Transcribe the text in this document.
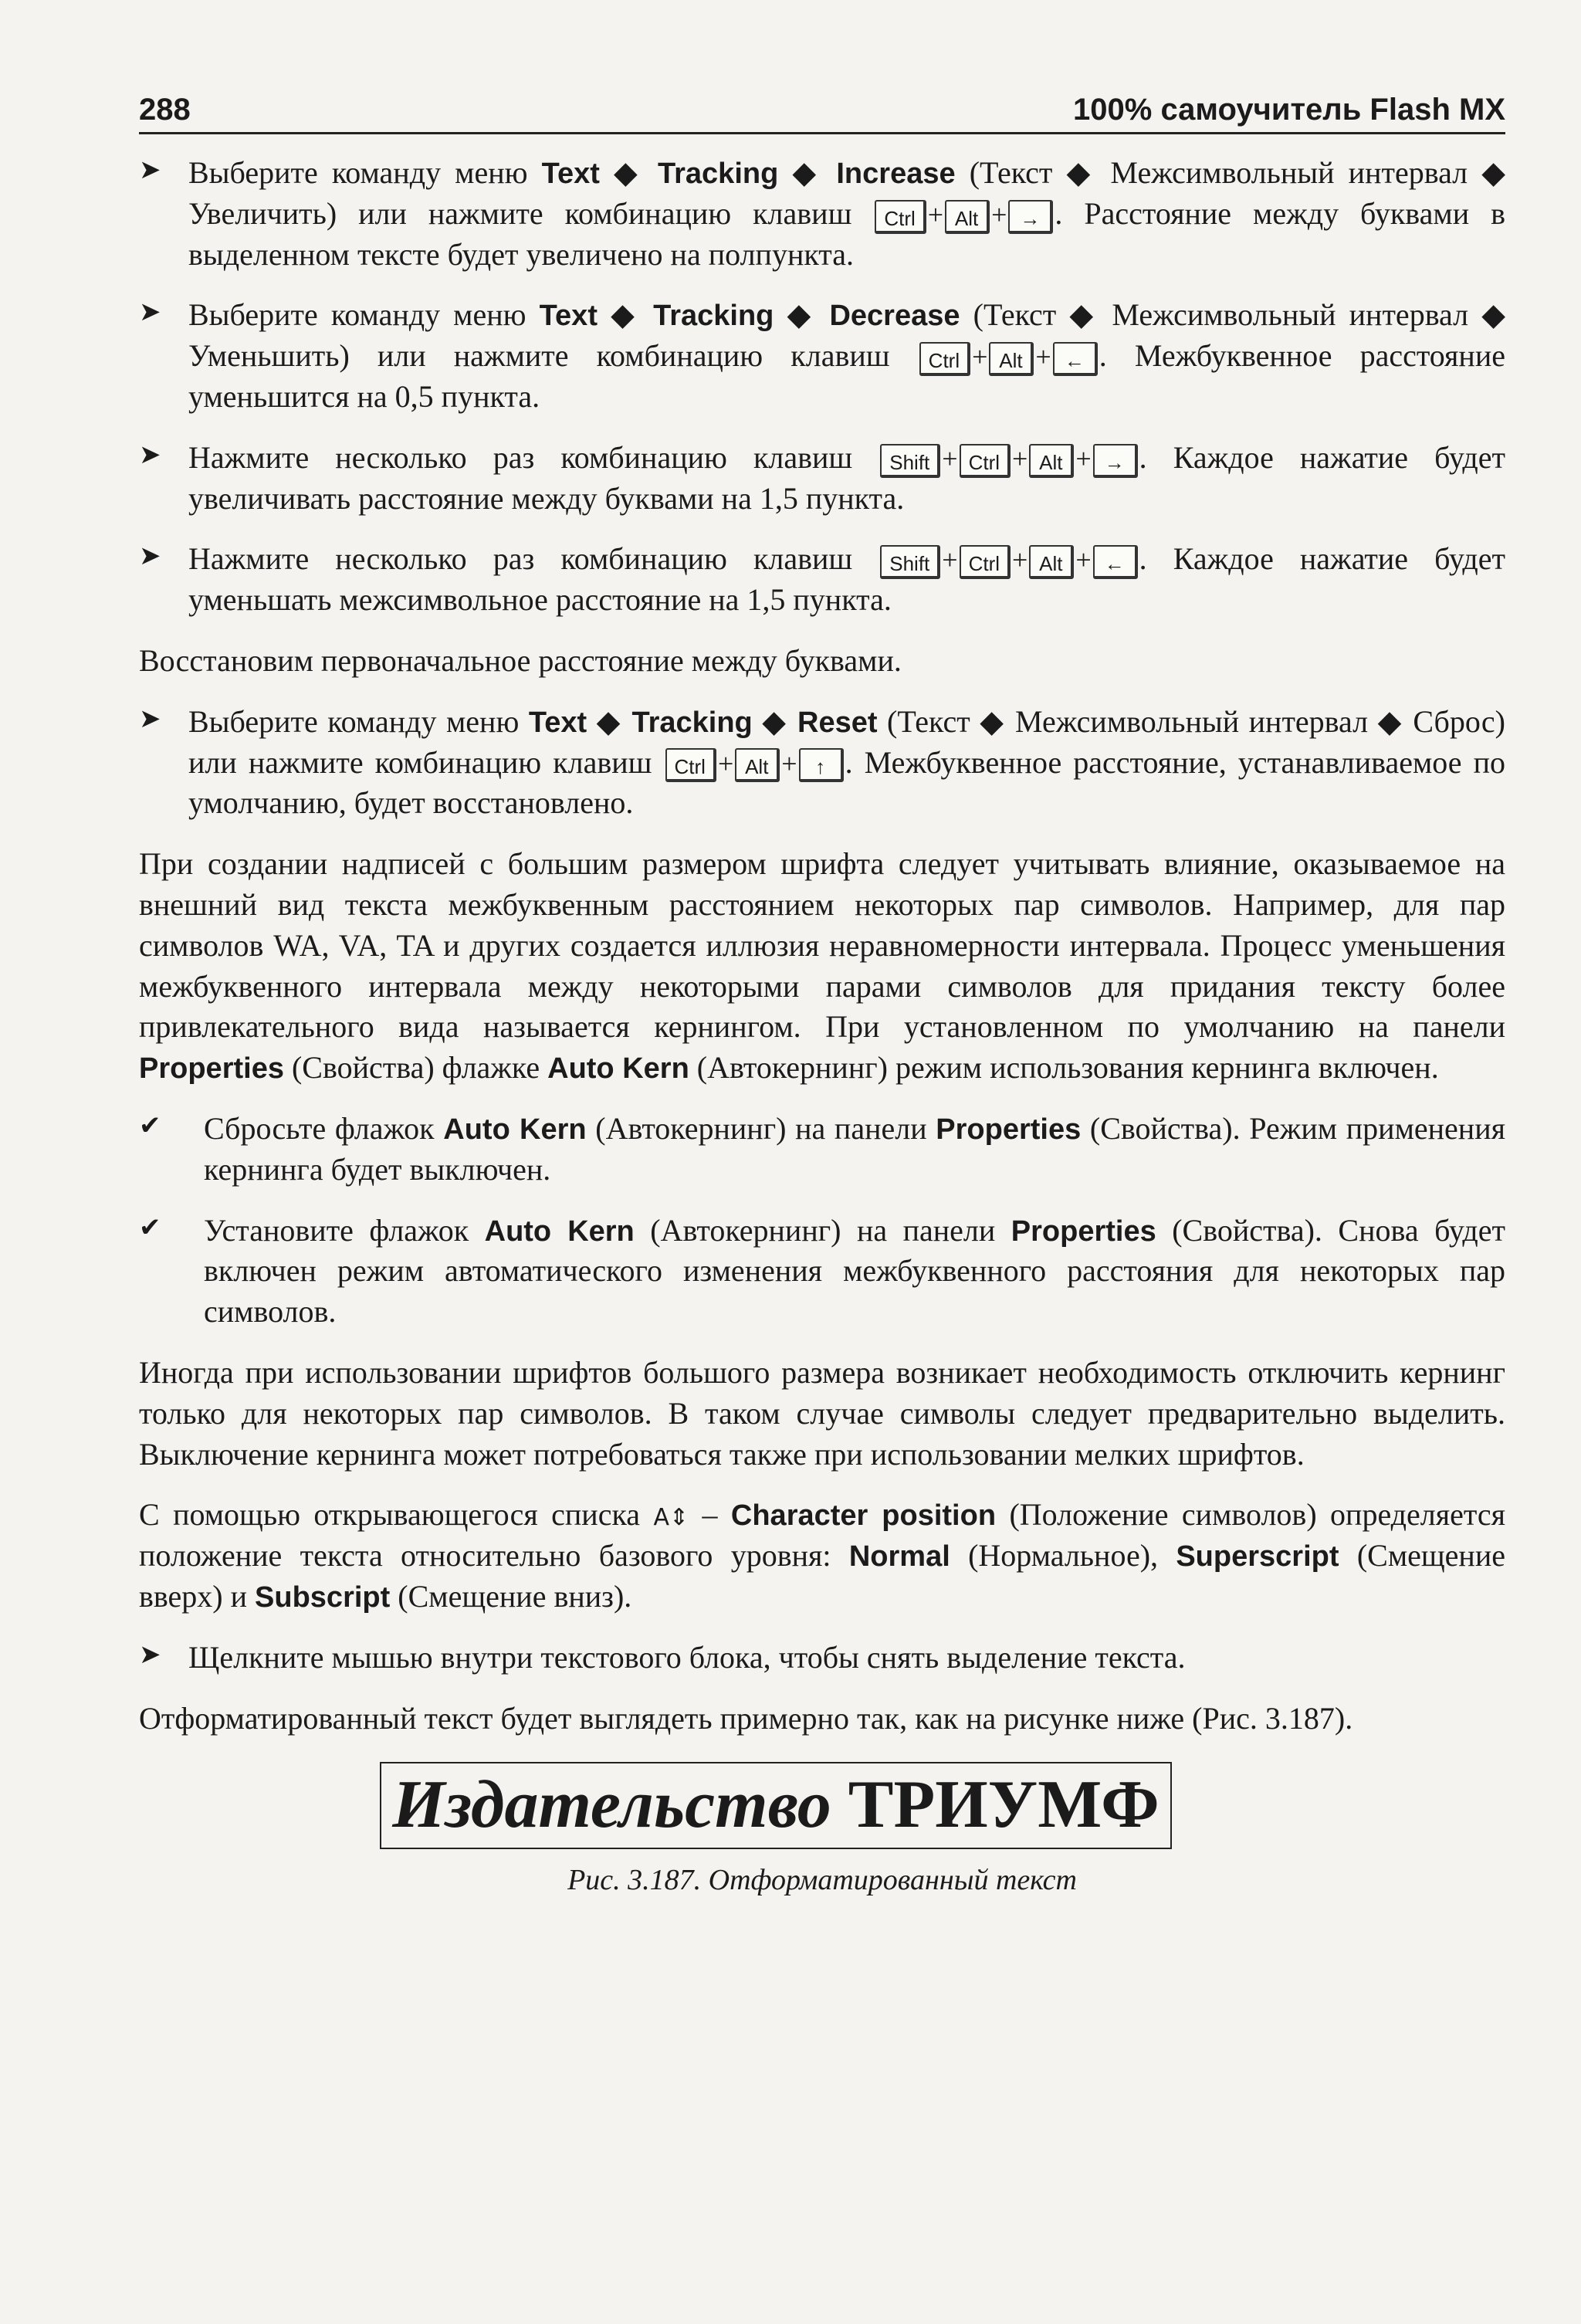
288	100% самоучитель Flash MX

➤ Выберите команду меню Text ◆ Tracking ◆ Increase (Текст ◆ Межсимвольный интервал ◆ Увеличить) или нажмите комбинацию клавиш Ctrl + Alt + → . Расстояние между буквами в выделенном тексте будет увеличено на полпункта.

➤ Выберите команду меню Text ◆ Tracking ◆ Decrease (Текст ◆ Межсимвольный интервал ◆ Уменьшить) или нажмите комбинацию клавиш Ctrl + Alt + ← . Межбуквенное расстояние уменьшится на 0,5 пункта.

➤ Нажмите несколько раз комбинацию клавиш Shift + Ctrl + Alt + → . Каждое нажатие будет увеличивать расстояние между буквами на 1,5 пункта.

➤ Нажмите несколько раз комбинацию клавиш Shift + Ctrl + Alt + ← . Каждое нажатие будет уменьшать межсимвольное расстояние на 1,5 пункта.

Восстановим первоначальное расстояние между буквами.

➤ Выберите команду меню Text ◆ Tracking ◆ Reset (Текст ◆ Межсимвольный интервал ◆ Сброс) или нажмите комбинацию клавиш Ctrl + Alt + ↑ . Межбуквенное расстояние, устанавливаемое по умолчанию, будет восстановлено.

При создании надписей с большим размером шрифта следует учитывать влияние, оказываемое на внешний вид текста межбуквенным расстоянием некоторых пар символов. Например, для пар символов WA, VA, TA и других создается иллюзия неравномерности интервала. Процесс уменьшения межбуквенного интервала между некоторыми парами символов для придания тексту более привлекательного вида называется кернингом. При установленном по умолчанию на панели Properties (Свойства) флажке Auto Kern (Автокернинг) режим использования кернинга включен.

✔ Сбросьте флажок Auto Kern (Автокернинг) на панели Properties (Свойства). Режим применения кернинга будет выключен.

✔ Установите флажок Auto Kern (Автокернинг) на панели Properties (Свойства). Снова будет включен режим автоматического изменения межбуквенного расстояния для некоторых пар символов.

Иногда при использовании шрифтов большого размера возникает необходимость отключить кернинг только для некоторых пар символов. В таком случае символы следует предварительно выделить. Выключение кернинга может потребоваться также при использовании мелких шрифтов.

С помощью открывающегося списка A⇕ – Character position (Положение символов) определяется положение текста относительно базового уровня: Normal (Нормальное), Superscript (Смещение вверх) и Subscript (Смещение вниз).

➤ Щелкните мышью внутри текстового блока, чтобы снять выделение текста.

Отформатированный текст будет выглядеть примерно так, как на рисунке ниже (Рис. 3.187).

Издательство ТРИУМФ
Рис. 3.187. Отформатированный текст
